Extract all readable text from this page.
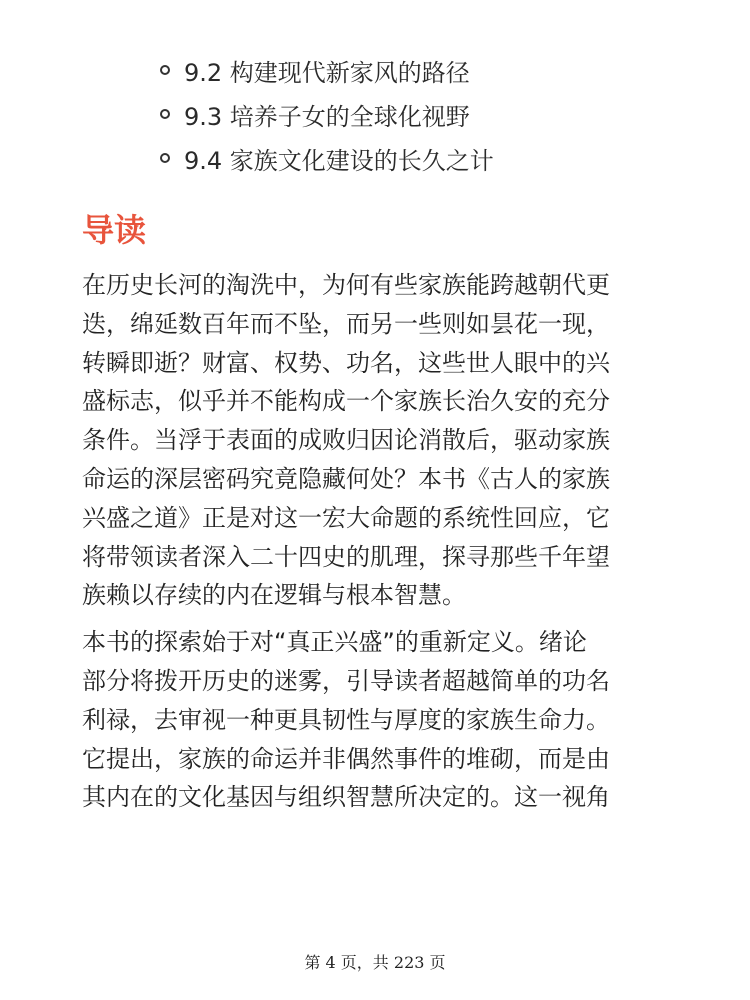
9.2 构建现代新家风的路径
9.3 培养子女的全球化视野
9.4 家族文化建设的长久之计
导读

在历史长河的淘洗中，为何有些家族能跨越朝代更
迭，绵延数百年而不坠，而另一些则如昙花一现，
转瞬即逝？财富、权势、功名，这些世人眼中的兴
盛标志，似乎并不能构成一个家族长治久安的充分
条件。当浮于表面的成败归因论消散后，驱动家族
命运的深层密码究竟隐藏何处？本书《古人的家族
兴盛之道》正是对这一宏大命题的系统性回应，它
将带领读者深入二十四史的肌理，探寻那些千年望
族赖以存续的内在逻辑与根本智慧。

本书的探索始于对“真正兴盛”的重新定义。绪论
部分将拨开历史的迷雾，引导读者超越简单的功名
利禄，去审视一种更具韧性与厚度的家族生命力。
它提出，家族的命运并非偶然事件的堆砌，而是由
其内在的文化基因与组织智慧所决定的。这一视角

第 4 页，共 223 页
